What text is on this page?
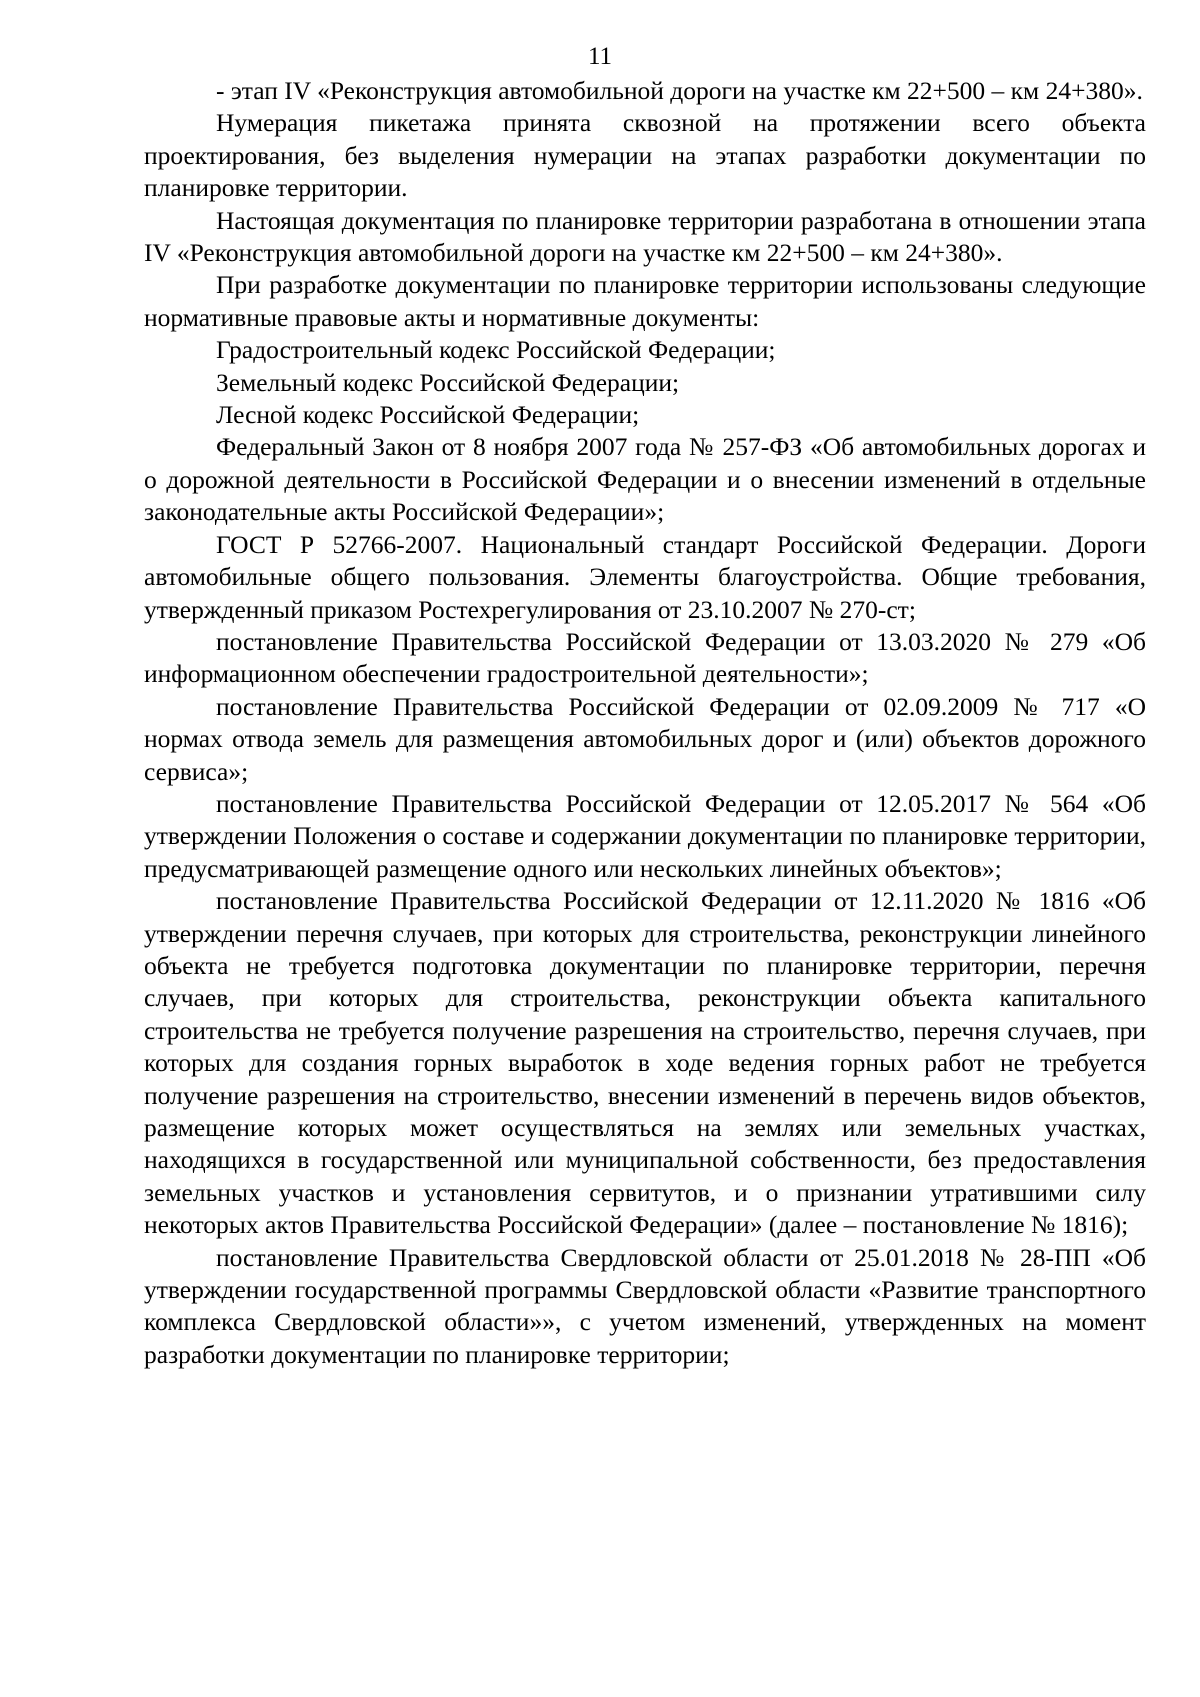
11

- этап IV «Реконструкция автомобильной дороги на участке км 22+500 – км 24+380».

Нумерация пикетажа принята сквозной на протяжении всего объекта проектирования, без выделения нумерации на этапах разработки документации по планировке территории.

Настоящая документация по планировке территории разработана в отношении этапа IV «Реконструкция автомобильной дороги на участке км 22+500 – км 24+380».

При разработке документации по планировке территории использованы следующие нормативные правовые акты и нормативные документы:

Градостроительный кодекс Российской Федерации;

Земельный кодекс Российской Федерации;

Лесной кодекс Российской Федерации;

Федеральный Закон от 8 ноября 2007 года № 257-ФЗ «Об автомобильных дорогах и о дорожной деятельности в Российской Федерации и о внесении изменений в отдельные законодательные акты Российской Федерации»;

ГОСТ Р 52766-2007. Национальный стандарт Российской Федерации. Дороги автомобильные общего пользования. Элементы благоустройства. Общие требования, утвержденный приказом Ростехрегулирования от 23.10.2007 № 270-ст;

постановление Правительства Российской Федерации от 13.03.2020 № 279 «Об информационном обеспечении градостроительной деятельности»;

постановление Правительства Российской Федерации от 02.09.2009 № 717 «О нормах отвода земель для размещения автомобильных дорог и (или) объектов дорожного сервиса»;

постановление Правительства Российской Федерации от 12.05.2017 № 564 «Об утверждении Положения о составе и содержании документации по планировке территории, предусматривающей размещение одного или нескольких линейных объектов»;

постановление Правительства Российской Федерации от 12.11.2020 № 1816 «Об утверждении перечня случаев, при которых для строительства, реконструкции линейного объекта не требуется подготовка документации по планировке территории, перечня случаев, при которых для строительства, реконструкции объекта капитального строительства не требуется получение разрешения на строительство, перечня случаев, при которых для создания горных выработок в ходе ведения горных работ не требуется получение разрешения на строительство, внесении изменений в перечень видов объектов, размещение которых может осуществляться на землях или земельных участках, находящихся в государственной или муниципальной собственности, без предоставления земельных участков и установления сервитутов, и о признании утратившими силу некоторых актов Правительства Российской Федерации» (далее – постановление № 1816);

постановление Правительства Свердловской области от 25.01.2018 № 28-ПП «Об утверждении государственной программы Свердловской области «Развитие транспортного комплекса Свердловской области»», с учетом изменений, утвержденных на момент разработки документации по планировке территории;
